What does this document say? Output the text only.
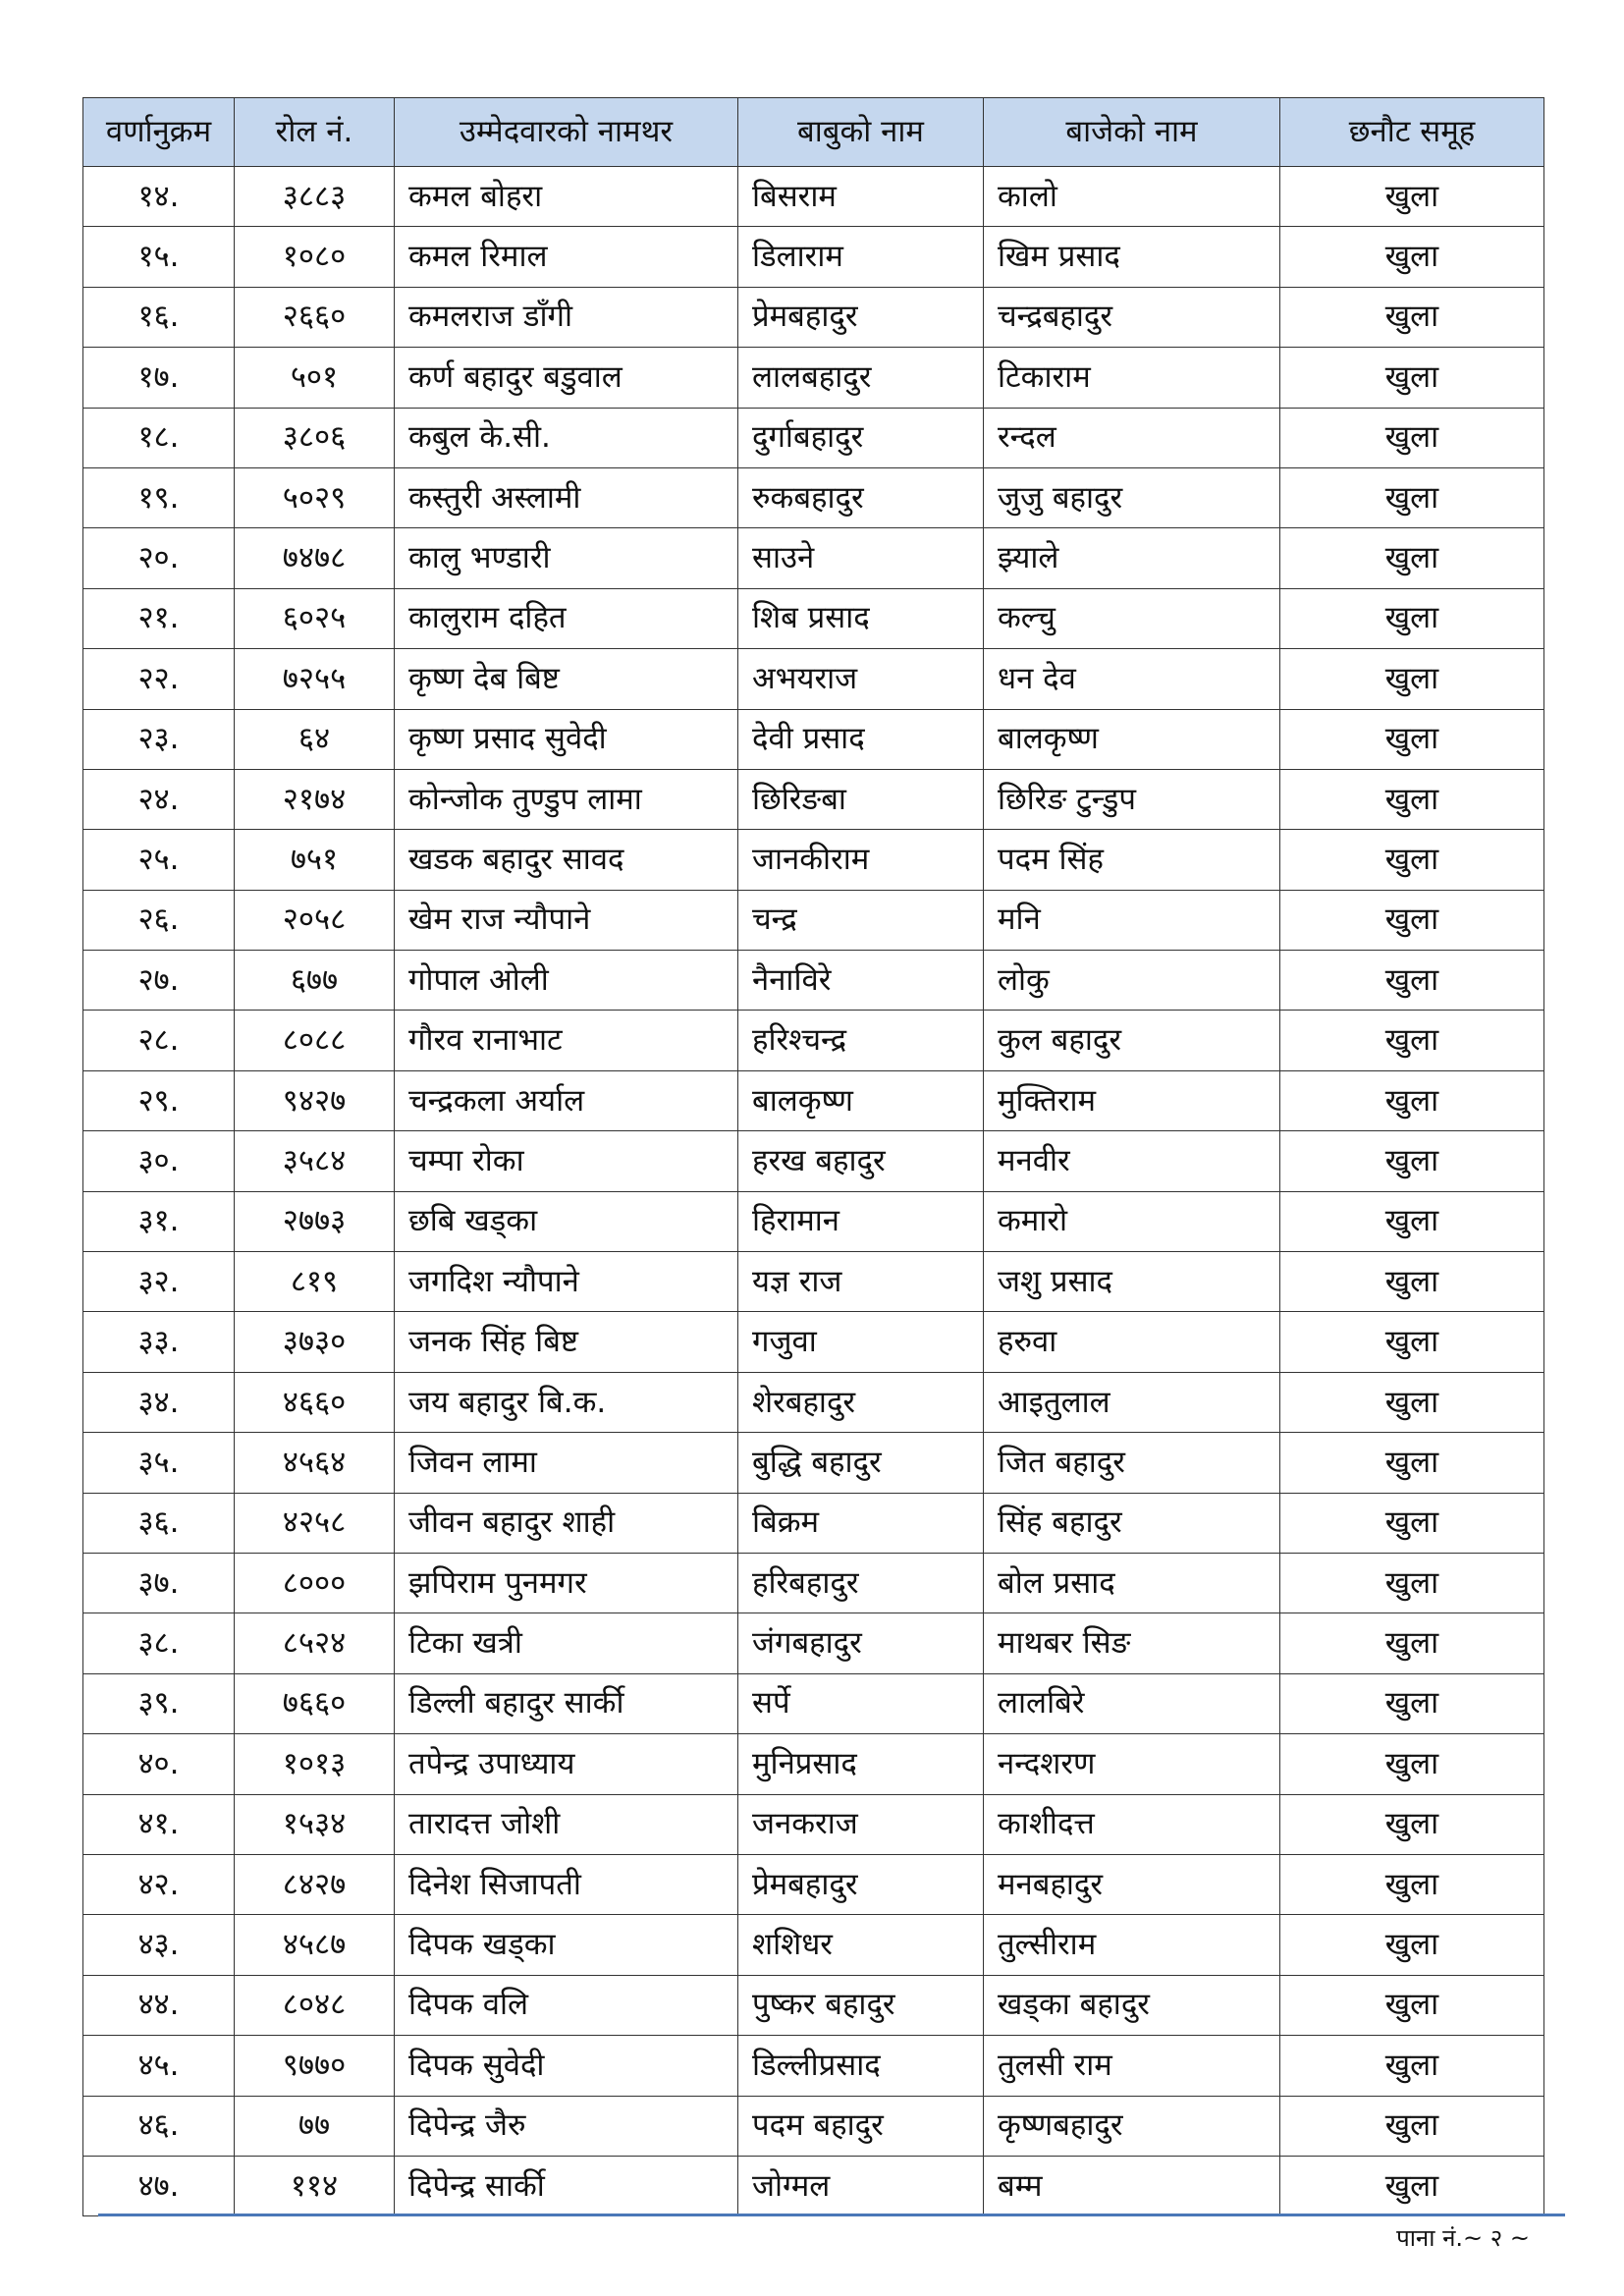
वर्णानुक्रम	रोल नं.	उम्मेदवारको नामथर	बाबुको नाम	बाजेको नाम	छनौट समूह
१४.	३८८३	कमल बोहरा	बिसराम	कालो	खुला
१५.	१०८०	कमल रिमाल	डिलाराम	खिम प्रसाद	खुला
१६.	२६६०	कमलराज डाँगी	प्रेमबहादुर	चन्द्रबहादुर	खुला
१७.	५०१	कर्ण बहादुर बडुवाल	लालबहादुर	टिकाराम	खुला
१८.	३८०६	कबुल के.सी.	दुर्गाबहादुर	रन्दल	खुला
१९.	५०२९	कस्तुरी अस्लामी	रुकबहादुर	जुजु बहादुर	खुला
२०.	७४७८	कालु भण्डारी	साउने	झ्याले	खुला
२१.	६०२५	कालुराम दहित	शिब प्रसाद	कल्चु	खुला
२२.	७२५५	कृष्ण देब बिष्ट	अभयराज	धन देव	खुला
२३.	६४	कृष्ण प्रसाद सुवेदी	देवी प्रसाद	बालकृष्ण	खुला
२४.	२१७४	कोन्जोक तुण्डुप लामा	छिरिङबा	छिरिङ टुन्डुप	खुला
२५.	७५१	खडक बहादुर सावद	जानकीराम	पदम सिंह	खुला
२६.	२०५८	खेम राज न्यौपाने	चन्द्र	मनि	खुला
२७.	६७७	गोपाल ओली	नैनाविरे	लोकु	खुला
२८.	८०८८	गौरव रानाभाट	हरिश्चन्द्र	कुल बहादुर	खुला
२९.	९४२७	चन्द्रकला अर्याल	बालकृष्ण	मुक्तिराम	खुला
३०.	३५८४	चम्पा रोका	हरख बहादुर	मनवीर	खुला
३१.	२७७३	छबि खड्का	हिरामान	कमारो	खुला
३२.	८१९	जगदिश न्यौपाने	यज्ञ राज	जशु प्रसाद	खुला
३३.	३७३०	जनक सिंह बिष्ट	गजुवा	हरुवा	खुला
३४.	४६६०	जय बहादुर बि.क.	शेरबहादुर	आइतुलाल	खुला
३५.	४५६४	जिवन लामा	बुद्धि बहादुर	जित बहादुर	खुला
३६.	४२५८	जीवन बहादुर शाही	बिक्रम	सिंह बहादुर	खुला
३७.	८०००	झपिराम पुनमगर	हरिबहादुर	बोल प्रसाद	खुला
३८.	८५२४	टिका खत्री	जंगबहादुर	माथबर सिङ	खुला
३९.	७६६०	डिल्ली बहादुर सार्की	सर्पे	लालबिरे	खुला
४०.	१०१३	तपेन्द्र उपाध्याय	मुनिप्रसाद	नन्दशरण	खुला
४१.	१५३४	तारादत्त जोशी	जनकराज	काशीदत्त	खुला
४२.	८४२७	दिनेश सिजापती	प्रेमबहादुर	मनबहादुर	खुला
४३.	४५८७	दिपक खड्का	शशिधर	तुल्सीराम	खुला
४४.	८०४८	दिपक वलि	पुष्कर बहादुर	खड्का बहादुर	खुला
४५.	९७७०	दिपक सुवेदी	डिल्लीप्रसाद	तुलसी राम	खुला
४६.	७७	दिपेन्द्र जैरु	पदम बहादुर	कृष्णबहादुर	खुला
४७.	११४	दिपेन्द्र सार्की	जोग्मल	बम्म	खुला
पाना नं.~ २ ~
